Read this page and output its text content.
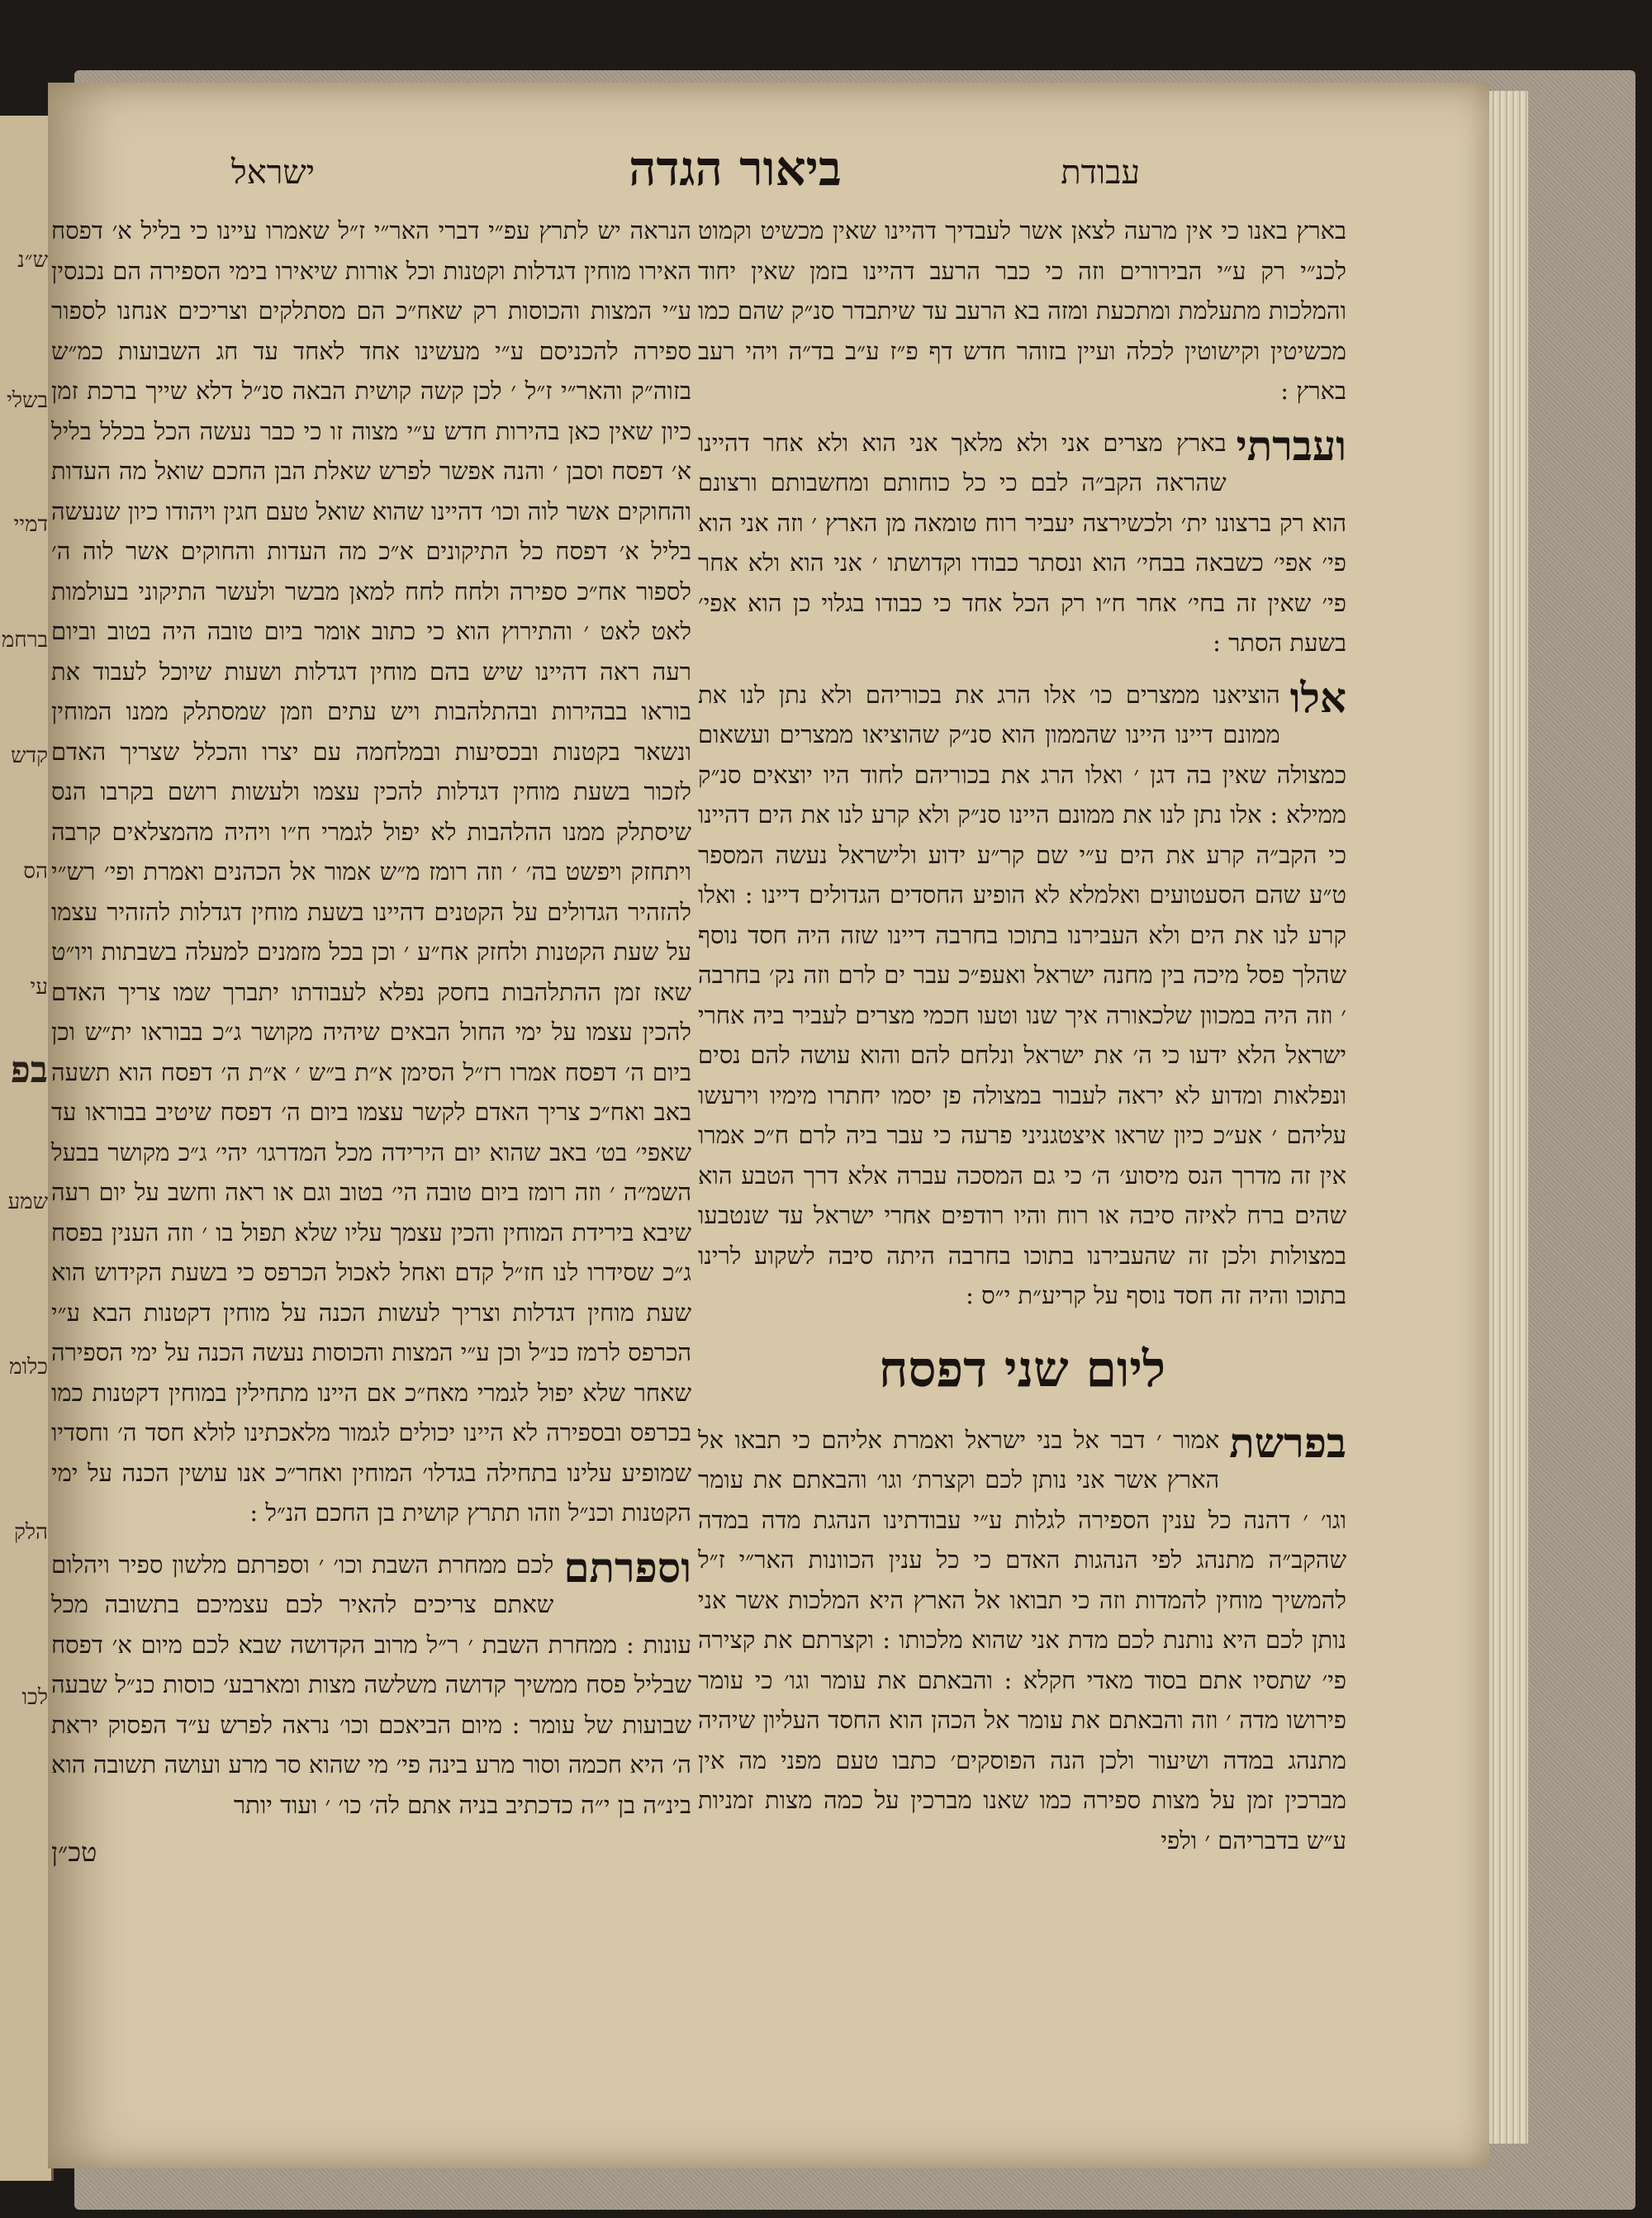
ש״נ
בשלי
דמיי
ברחמ
קדש
הס
עי
בפ
שמע
כלומ
הלק
לכו
עבודת
ביאור הגדה
ישראל

בארץ באנו כי אין מרעה לצאן אשר לעבדיך דהיינו שאין מכשיט וקמוט לכנ״י רק ע״י הבירורים וזה כי כבר הרעב דהיינו בזמן שאין יחוד והמלכות מתעלמת ומתכעת ומזה בא הרעב עד שיתבדר סנ״ק שהם כמו מכשיטין וקישוטין לכלה ועיין בזוהר חדש דף פ״ז ע״ב בד״ה ויהי רעב בארץ :

ועברתי
בארץ מצרים אני ולא מלאך אני הוא ולא אחר דהיינו שהראה הקב״ה לבם כי כל כוחותם ומחשבותם ורצונם הוא רק ברצונו ית׳ ולכשירצה יעביר רוח טומאה מן הארץ ׳ וזה אני הוא פי׳ אפי׳ כשבאה בבחי׳ הוא ונסתר כבודו וקדושתו ׳ אני הוא ולא אחר פי׳ שאין זה בחי׳ אחר ח״ו רק הכל אחד כי כבודו בגלוי כן הוא אפי׳ בשעת הסתר :

אלו
הוציאנו ממצרים כו׳ אלו הרג את בכוריהם ולא נתן לנו את ממונם דיינו היינו שהממון הוא סנ״ק שהוציאו ממצרים ועשאום כמצולה שאין בה דגן ׳ ואלו הרג את בכוריהם לחוד היו יוצאים סנ״ק ממילא : אלו נתן לנו את ממונם היינו סנ״ק ולא קרע לנו את הים דהיינו כי הקב״ה קרע את הים ע״י שם קר״ע ידוע ולישראל נעשה המספר ט״ע שהם הסעטועים ואלמלא לא הופיע החסדים הגדולים דיינו : ואלו קרע לנו את הים ולא העבירנו בתוכו בחרבה דיינו שזה היה חסד נוסף שהלך פסל מיכה בין מחנה ישראל ואעפ״כ עבר ים לרם וזה נק׳ בחרבה ׳ וזה היה במכוון שלכאורה איך שנו וטעו חכמי מצרים לעביר ביה אחרי ישראל הלא ידעו כי ה׳ את ישראל ונלחם להם והוא עושה להם נסים ונפלאות ומדוע לא יראה לעבור במצולה פן יסמו יחתרו מימיו וירעשו עליהם ׳ אע״כ כיון שראו איצטגניני פרעה כי עבר ביה לרם ח״כ אמרו אין זה מדרך הנס מיסוע׳ ה׳ כי גם המסכה עברה אלא דרך הטבע הוא שהים ברח לאיזה סיבה או רוח והיו רודפים אחרי ישראל עד שנטבעו במצולות ולכן זה שהעבירנו בתוכו בחרבה היתה סיבה לשקוע לרינו בתוכו והיה זה חסד נוסף על קריע״ת י״ס :

ליום שני דפסח

בפרשת
אמור ׳ דבר אל בני ישראל ואמרת אליהם כי תבאו אל הארץ אשר אני נותן לכם וקצרת׳ וגו׳ והבאתם את עומר וגו׳ ׳ דהנה כל ענין הספירה לגלות ע״י עבודתינו הנהגת מדה במדה שהקב״ה מתנהג לפי הנהגות האדם כי כל ענין הכוונות האר״י ז״ל להמשיך מוחין להמדות וזה כי תבואו אל הארץ היא המלכות אשר אני נותן לכם היא נותנת לכם מדת אני שהוא מלכותו : וקצרתם את קצירה פי׳ שתסיו אתם בסוד מאדי חקלא : והבאתם את עומר וגו׳ כי עומר פירושו מדה ׳ וזה והבאתם את עומר אל הכהן הוא החסד העליון שיהיה מתנהג במדה ושיעור ולכן הנה הפוסקים׳ כתבו טעם מפני מה אין מברכין זמן על מצות ספירה כמו שאנו מברכין על כמה מצות זמניות ע״ש בדבריהם ׳ ולפי

הנראה יש לתרץ עפ״י דברי האר״י ז״ל שאמרו עיינו כי בליל א׳ דפסח האירו מוחין דגדלות וקטנות וכל אורות שיאירו בימי הספירה הם נכנסין ע״י המצות והכוסות רק שאח״כ הם מסתלקים וצריכים אנחנו לספור ספירה להכניסם ע״י מעשינו אחד לאחד עד חג השבועות כמ״ש בזוה״ק והאר״י ז״ל ׳ לכן קשה קושית הבאה סנ״ל דלא שייך ברכת זמן כיון שאין כאן בהירות חדש ע״י מצוה זו כי כבר נעשה הכל בכלל בליל א׳ דפסח וסבן ׳ והנה אפשר לפרש שאלת הבן החכם שואל מה העדות והחוקים אשר לוה וכו׳ דהיינו שהוא שואל טעם חגין ויהודו כיון שנעשה בליל א׳ דפסח כל התיקונים א״כ מה העדות והחוקים אשר לוה ה׳ לספור אח״כ ספירה ולחח לחח למאן מבשר ולעשר התיקוני בעולמות לאט לאט ׳ והתירוץ הוא כי כתוב אומר ביום טובה היה בטוב וביום רעה ראה דהיינו שיש בהם מוחין דגדלות ושעות שיוכל לעבוד את בוראו בבהירות ובהתלהבות ויש עתים וזמן שמסתלק ממנו המוחין ונשאר בקטנות ובכסיעות ובמלחמה עם יצרו והכלל שצריך האדם לזכור בשעת מוחין דגדלות להכין עצמו ולעשות רושם בקרבו הנס שיסתלק ממנו ההלהבות לא יפול לגמרי ח״ו ויהיה מהמצלאים קרבה ויתחזק ויפשט בה׳ ׳ וזה רומז מ״ש אמור אל הכהנים ואמרת ופי׳ רש״י להזהיר הגדולים על הקטנים דהיינו בשעת מוחין דגדלות להזהיר עצמו על שעת הקטנות ולחזק אח״ע ׳ וכן בכל מזמנים למעלה בשבתות ויו״ט שאז זמן ההתלהבות בחסק נפלא לעבודתו יתברך שמו צריך האדם להכין עצמו על ימי החול הבאים שיהיה מקושר ג״כ בבוראו ית״ש וכן ביום ה׳ דפסח אמרו רז״ל הסימן א״ת ב״ש ׳ א״ת ה׳ דפסח הוא תשעה באב ואח״כ צריך האדם לקשר עצמו ביום ה׳ דפסח שיטיב בבוראו עד שאפי׳ בט׳ באב שהוא יום הירידה מכל המדרגו׳ יהי׳ ג״כ מקושר בבעל השמ״ה ׳ וזה רומז ביום טובה הי׳ בטוב וגם או ראה וחשב על יום רעה שיבא בירידת המוחין והכין עצמך עליו שלא תפול בו ׳ וזה הענין בפסח ג״כ שסידרו לנו חז״ל קדם ואחל לאכול הכרפס כי בשעת הקידוש הוא שעת מוחין דגדלות וצריך לעשות הכנה על מוחין דקטנות הבא ע״י הכרפס לרמז כנ״ל וכן ע״י המצות והכוסות נעשה הכנה על ימי הספירה שאחר שלא יפול לגמרי מאח״כ אם היינו מתחילין במוחין דקטנות כמו בכרפס ובספירה לא היינו יכולים לגמור מלאכתינו לולא חסד ה׳ וחסדיו שמופיע עלינו בתחילה בגדלו׳ המוחין ואחר״כ אנו עושין הכנה על ימי הקטנות וכנ״ל וזהו תתרץ קושית בן החכם הנ״ל :

וספרתם
לכם ממחרת השבת וכו׳ ׳ וספרתם מלשון ספיר ויהלום שאתם צריכים להאיר לכם עצמיכם בתשובה מכל עונות : ממחרת השבת ׳ ר״ל מרוב הקדושה שבא לכם מיום א׳ דפסח שבליל פסח ממשיך קדושה משלשה מצות ומארבע׳ כוסות כנ״ל שבעה שבועות של עומר : מיום הביאכם וכו׳ נראה לפרש ע״ד הפסוק יראת ה׳ היא חכמה וסור מרע בינה פי׳ מי שהוא סר מרע ועושה תשובה הוא בינ״ה בן י״ה כדכתיב בניה אתם לה׳ כו׳ ׳ ועוד יותר

טכ״ן
